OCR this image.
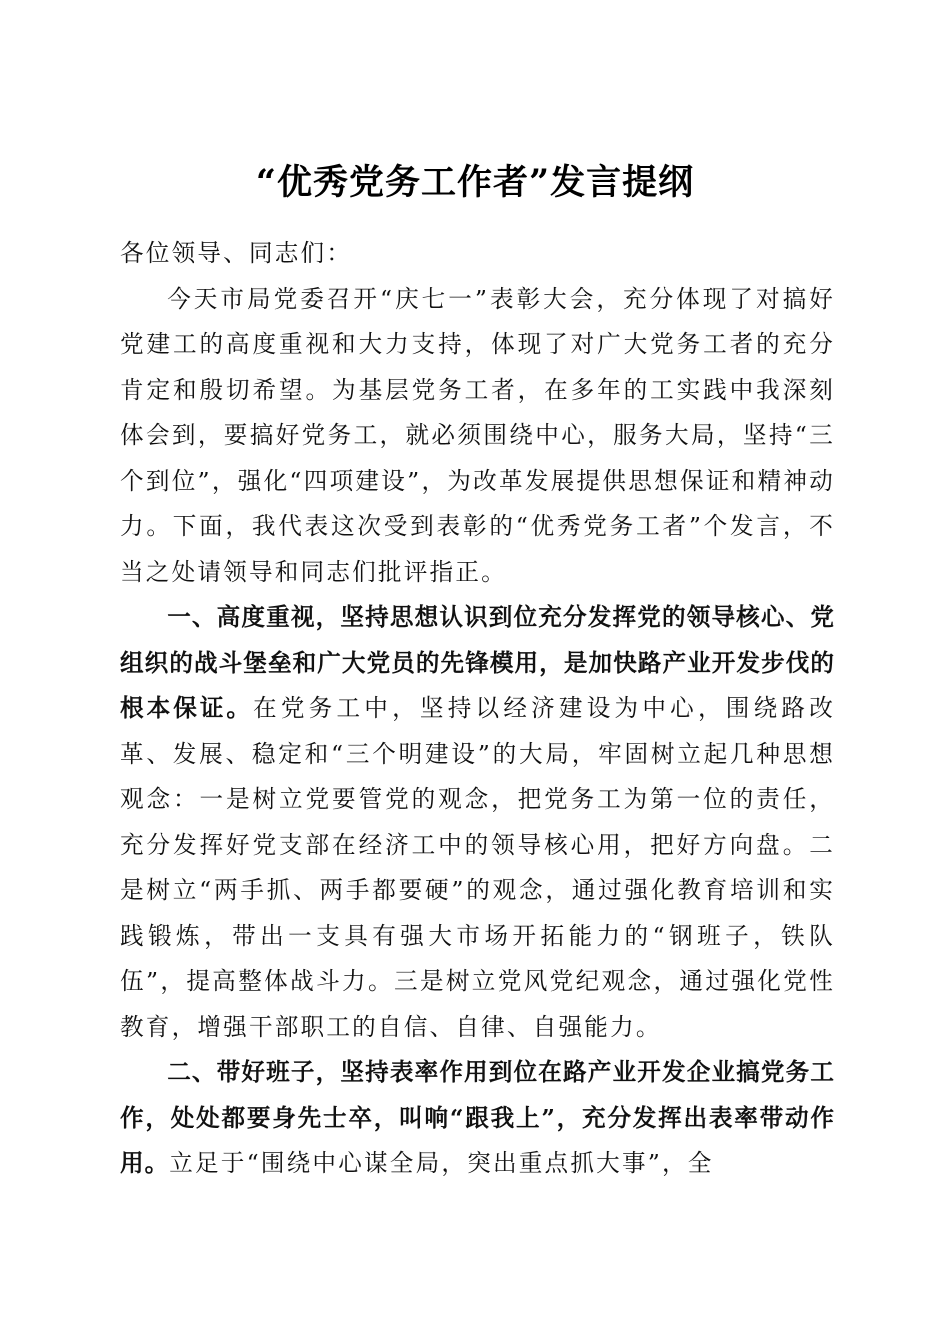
“优秀党务工作者”发言提纲

各位领导、同志们：

今天市局党委召开“庆七一”表彰大会，充分体现了对搞好党建工的高度重视和大力支持，体现了对广大党务工者的充分肯定和殷切希望。为基层党务工者，在多年的工实践中我深刻体会到，要搞好党务工，就必须围绕中心，服务大局，坚持“三个到位”，强化“四项建设”，为改革发展提供思想保证和精神动力。下面，我代表这次受到表彰的“优秀党务工者”个发言，不当之处请领导和同志们批评指正。

一、高度重视，坚持思想认识到位充分发挥党的领导核心、党组织的战斗堡垒和广大党员的先锋模用，是加快路产业开发步伐的根本保证。在党务工中，坚持以经济建设为中心，围绕路改革、发展、稳定和“三个明建设”的大局，牢固树立起几种思想观念：一是树立党要管党的观念，把党务工为第一位的责任，充分发挥好党支部在经济工中的领导核心用，把好方向盘。二是树立“两手抓、两手都要硬”的观念，通过强化教育培训和实践锻炼，带出一支具有强大市场开拓能力的“钢班子，铁队伍”，提高整体战斗力。三是树立党风党纪观念，通过强化党性教育，增强干部职工的自信、自律、自强能力。

二、带好班子，坚持表率作用到位在路产业开发企业搞党务工作，处处都要身先士卒，叫响“跟我上”，充分发挥出表率带动作用。立足于“围绕中心谋全局，突出重点抓大事”，全
